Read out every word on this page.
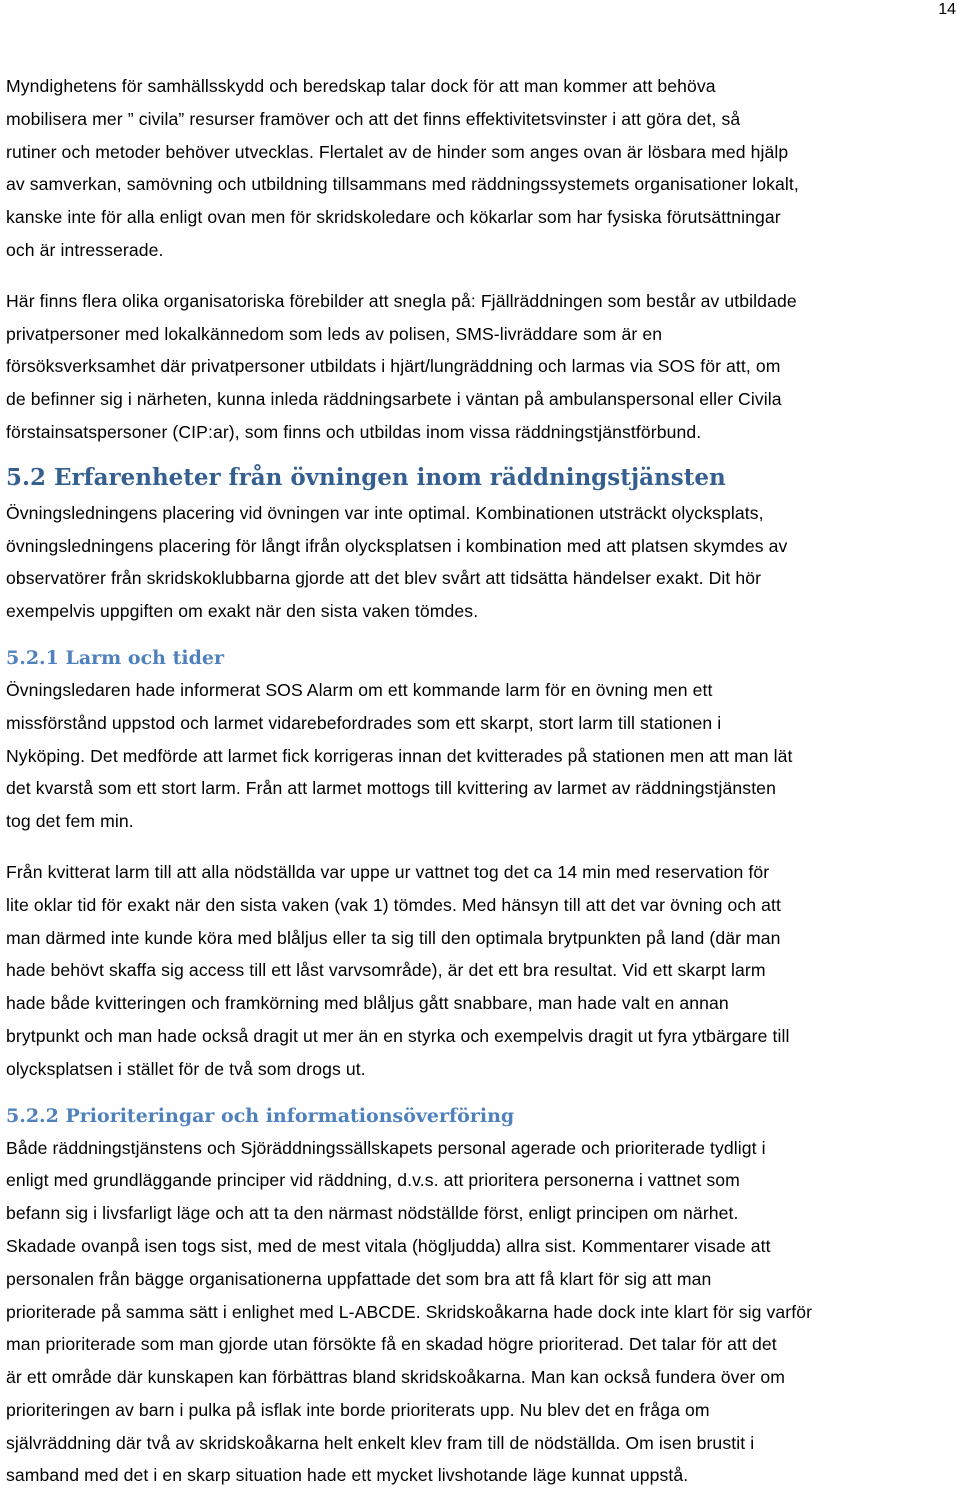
14

Myndighetens för samhällsskydd och beredskap talar dock för att man kommer att behöva

mobilisera mer ” civila” resurser framöver och att det finns effektivitetsvinster i att göra det, så

rutiner och metoder behöver utvecklas. Flertalet av de hinder som anges ovan är lösbara med hjälp

av samverkan, samövning och utbildning tillsammans med räddningssystemets organisationer lokalt,

kanske inte för alla enligt ovan men för skridskoledare och kökarlar som har fysiska förutsättningar

och är intresserade.

Här finns flera olika organisatoriska förebilder att snegla på: Fjällräddningen som består av utbildade

privatpersoner med lokalkännedom som leds av polisen, SMS-livräddare som är en

försöksverksamhet där privatpersoner utbildats i hjärt/lungräddning och larmas via SOS för att, om

de befinner sig i närheten, kunna inleda räddningsarbete i väntan på ambulanspersonal eller Civila

förstainsatspersoner (CIP:ar), som finns och utbildas inom vissa räddningstjänstförbund.

5.2 Erfarenheter från övningen inom räddningstjänsten

Övningsledningens placering vid övningen var inte optimal. Kombinationen utsträckt olycksplats,

övningsledningens placering för långt ifrån olycksplatsen i kombination med att platsen skymdes av

observatörer från skridskoklubbarna gjorde att det blev svårt att tidsätta händelser exakt. Dit hör

exempelvis uppgiften om exakt när den sista vaken tömdes.

5.2.1 Larm och tider

Övningsledaren hade informerat SOS Alarm om ett kommande larm för en övning men ett

missförstånd uppstod och larmet vidarebefordrades som ett skarpt, stort larm till stationen i

Nyköping. Det medförde att larmet fick korrigeras innan det kvitterades på stationen men att man lät

det kvarstå som ett stort larm. Från att larmet mottogs till kvittering av larmet av räddningstjänsten

tog det fem min.

Från kvitterat larm till att alla nödställda var uppe ur vattnet tog det ca 14 min med reservation för

lite oklar tid för exakt när den sista vaken (vak 1) tömdes. Med hänsyn till att det var övning och att

man därmed inte kunde köra med blåljus eller ta sig till den optimala brytpunkten på land (där man

hade behövt skaffa sig access till ett låst varvsområde), är det ett bra resultat. Vid ett skarpt larm

hade både kvitteringen och framkörning med blåljus gått snabbare, man hade valt en annan

brytpunkt och man hade också dragit ut mer än en styrka och exempelvis dragit ut fyra ytbärgare till

olycksplatsen i stället för de två som drogs ut.

5.2.2 Prioriteringar och informationsöverföring

Både räddningstjänstens och Sjöräddningssällskapets personal agerade och prioriterade tydligt i

enligt med grundläggande principer vid räddning, d.v.s. att prioritera personerna i vattnet som

befann sig i livsfarligt läge och att ta den närmast nödställde först, enligt principen om närhet.

Skadade ovanpå isen togs sist, med de mest vitala (högljudda) allra sist. Kommentarer visade att

personalen från bägge organisationerna uppfattade det som bra att få klart för sig att man

prioriterade på samma sätt i enlighet med L-ABCDE. Skridskoåkarna hade dock inte klart för sig varför

man prioriterade som man gjorde utan försökte få en skadad högre prioriterad. Det talar för att det

är ett område där kunskapen kan förbättras bland skridskoåkarna. Man kan också fundera över om

prioriteringen av barn i pulka på isflak inte borde prioriterats upp. Nu blev det en fråga om

självräddning där två av skridskoåkarna helt enkelt klev fram till de nödställda. Om isen brustit i

samband med det i en skarp situation hade ett mycket livshotande läge kunnat uppstå.
